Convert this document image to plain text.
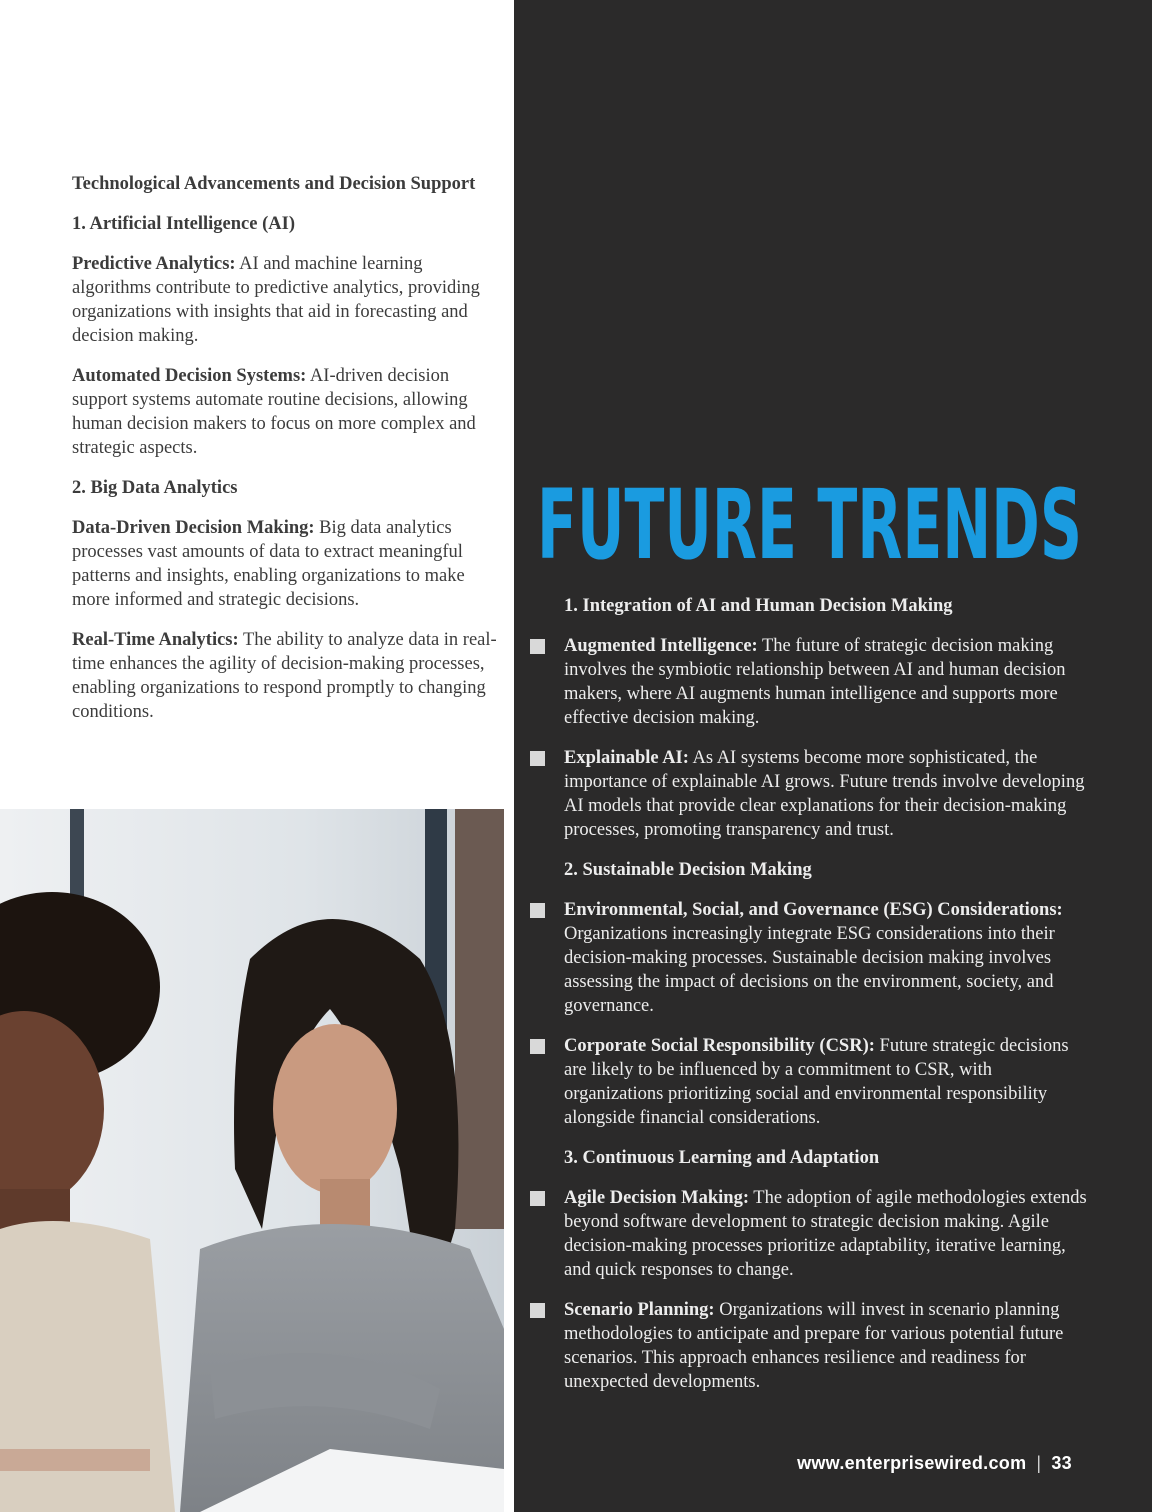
Technological Advancements and Decision Support

1. Artificial Intelligence (AI)

Predictive Analytics: AI and machine learning algorithms contribute to predictive analytics, providing organizations with insights that aid in forecasting and decision making.

Automated Decision Systems: AI-driven decision support systems automate routine decisions, allowing human decision makers to focus on more complex and strategic aspects.

2. Big Data Analytics

Data-Driven Decision Making: Big data analytics processes vast amounts of data to extract meaningful patterns and insights, enabling organizations to make more informed and strategic decisions.

Real-Time Analytics: The ability to analyze data in real-time enhances the agility of decision-making processes, enabling organizations to respond promptly to changing conditions.

FUTURE TRENDS

1. Integration of AI and Human Decision Making

Augmented Intelligence: The future of strategic decision making involves the symbiotic relationship between AI and human decision makers, where AI augments human intelligence and supports more effective decision making.

Explainable AI: As AI systems become more sophisticated, the importance of explainable AI grows. Future trends involve developing AI models that provide clear explanations for their decision-making processes, promoting transparency and trust.

2. Sustainable Decision Making

Environmental, Social, and Governance (ESG) Considerations: Organizations increasingly integrate ESG considerations into their decision-making processes. Sustainable decision making involves assessing the impact of decisions on the environment, society, and governance.

Corporate Social Responsibility (CSR): Future strategic decisions are likely to be influenced by a commitment to CSR, with organizations prioritizing social and environmental responsibility alongside financial considerations.

3. Continuous Learning and Adaptation

Agile Decision Making: The adoption of agile methodologies extends beyond software development to strategic decision making. Agile decision-making processes prioritize adaptability, iterative learning, and quick responses to change.

Scenario Planning: Organizations will invest in scenario planning methodologies to anticipate and prepare for various potential future scenarios. This approach enhances resilience and readiness for unexpected developments.

www.enterprisewired.com | 33
